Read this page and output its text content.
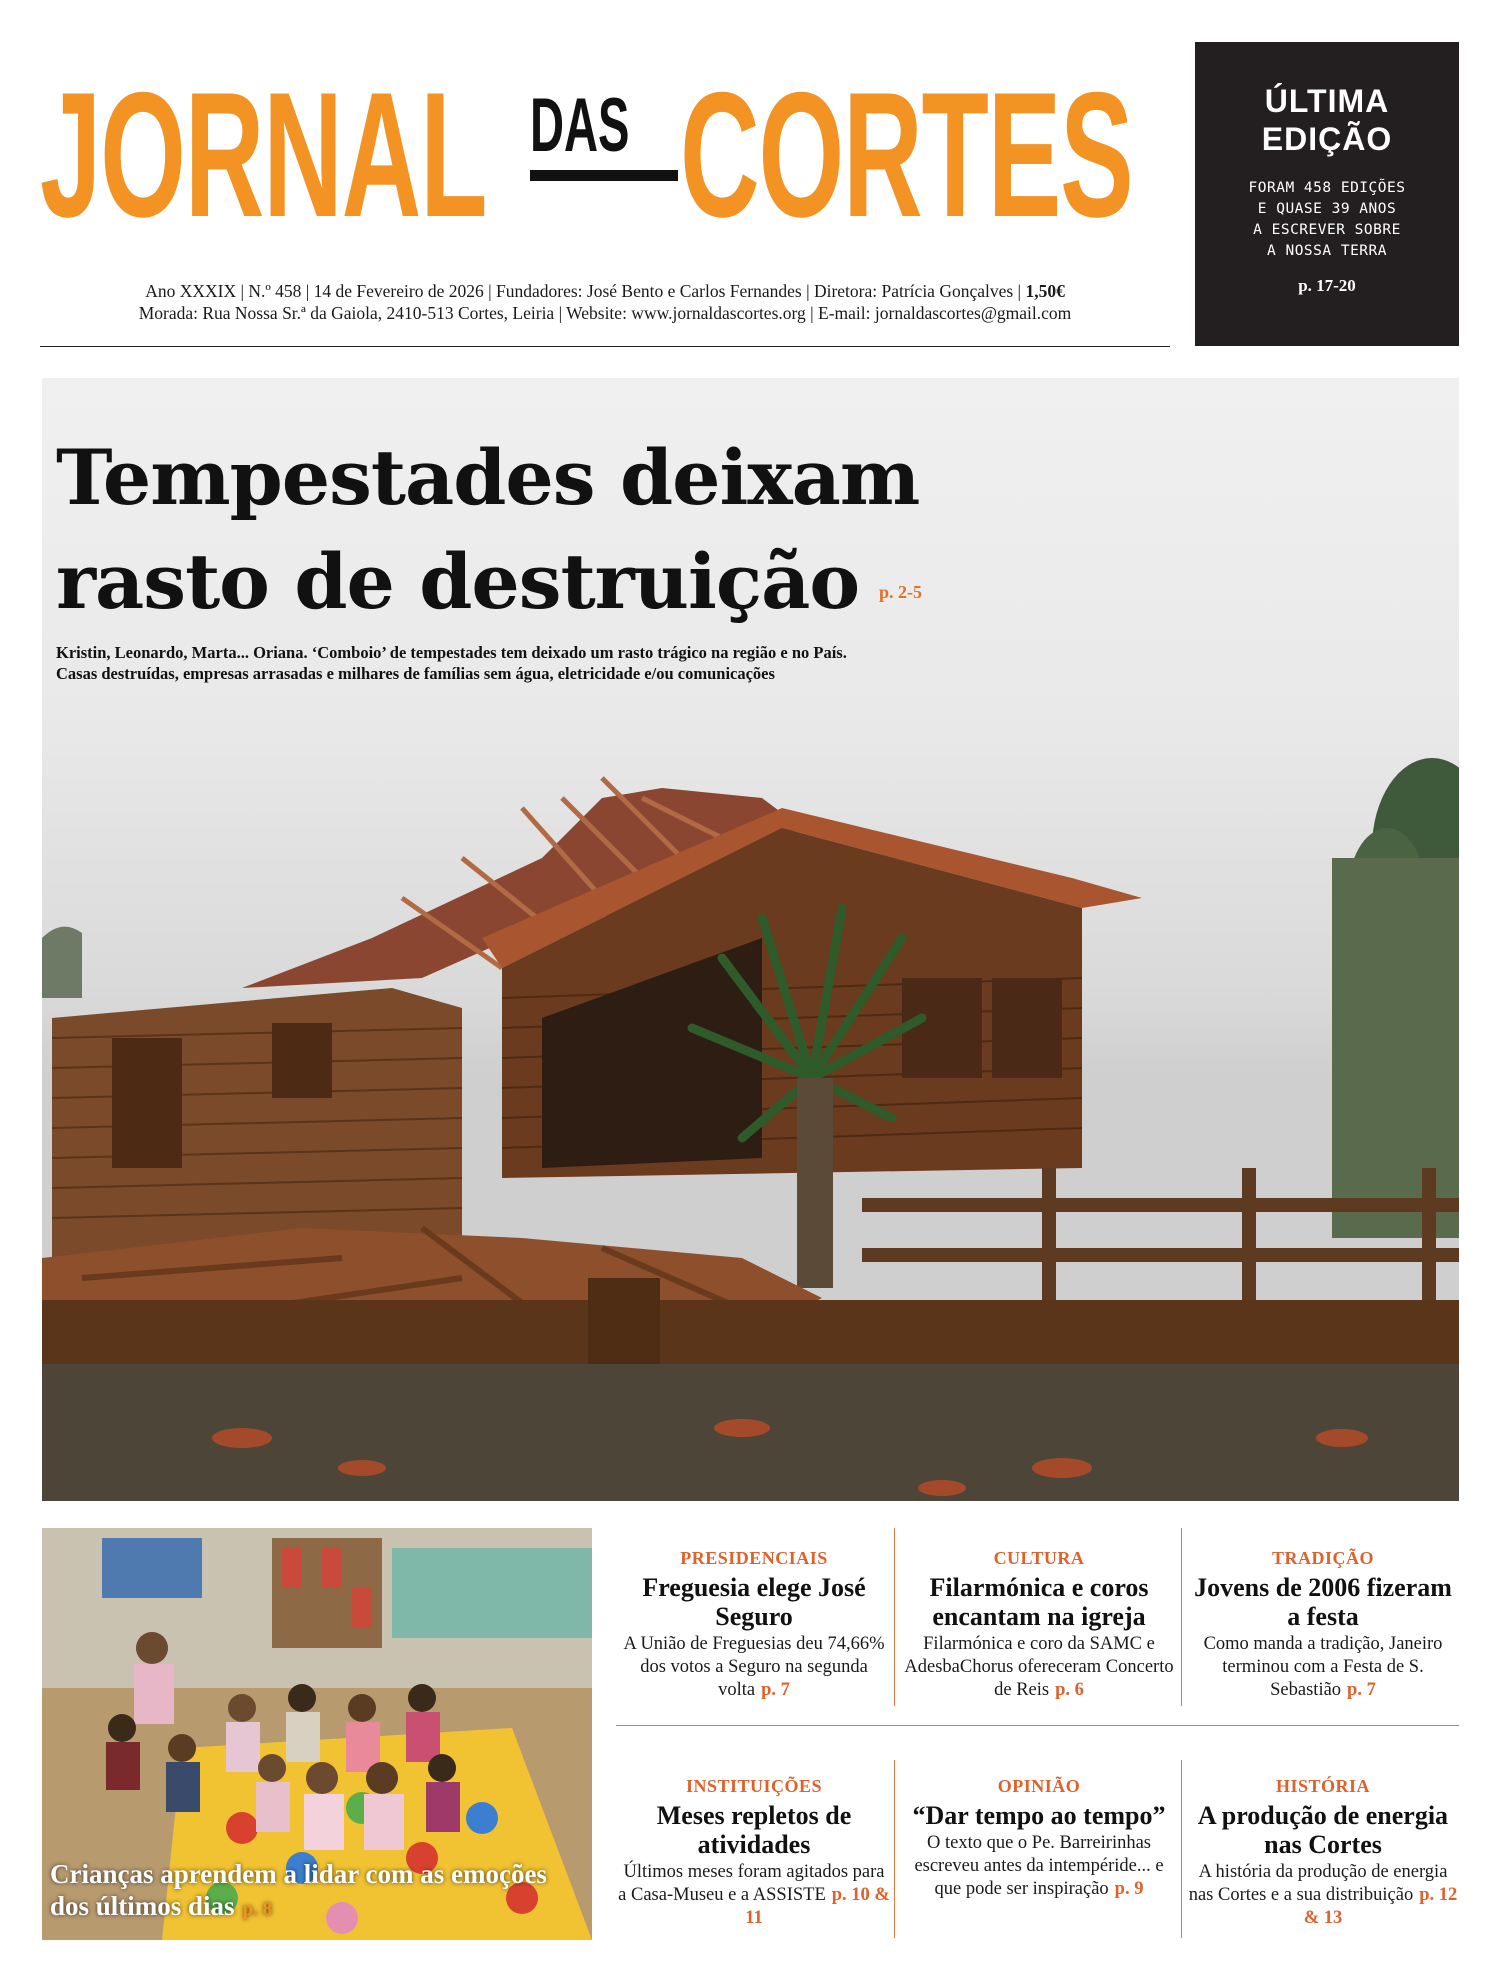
JORNAL DAS CORTES
Ano XXXIX | N.º 458 | 14 de Fevereiro de 2026 | Fundadores: José Bento e Carlos Fernandes | Diretora: Patrícia Gonçalves | 1,50€
Morada: Rua Nossa Sr.ª da Gaiola, 2410-513 Cortes, Leiria | Website: www.jornaldascortes.org | E-mail: jornaldascortes@gmail.com
ÚLTIMA
EDIÇÃO
FORAM 458 EDIÇÕES
E QUASE 39 ANOS
A ESCREVER SOBRE
A NOSSA TERRA
p. 17-20
Tempestades deixam
rasto de destruição p. 2-5
Kristin, Leonardo, Marta... Oriana. ‘Comboio’ de tempestades tem deixado um rasto trágico na região e no País.
Casas destruídas, empresas arrasadas e milhares de famílias sem água, eletricidade e/ou comunicações
Crianças aprendem a lidar com as emoções dos últimos dias p. 8
PRESIDENCIAIS
Freguesia elege José Seguro
A União de Freguesias deu 74,66% dos votos a Seguro na segunda volta p. 7
CULTURA
Filarmónica e coros encantam na igreja
Filarmónica e coro da SAMC e AdesbaChorus ofereceram Concerto de Reis p. 6
TRADIÇÃO
Jovens de 2006 fizeram a festa
Como manda a tradição, Janeiro terminou com a Festa de S. Sebastião p. 7
INSTITUIÇÕES
Meses repletos de atividades
Últimos meses foram agitados para a Casa-Museu e a ASSISTE p. 10 & 11
OPINIÃO
“Dar tempo ao tempo”
O texto que o Pe. Barreirinhas escreveu antes da intempéride... e que pode ser inspiração p. 9
HISTÓRIA
A produção de energia nas Cortes
A história da produção de energia nas Cortes e a sua distribuição p. 12 & 13
